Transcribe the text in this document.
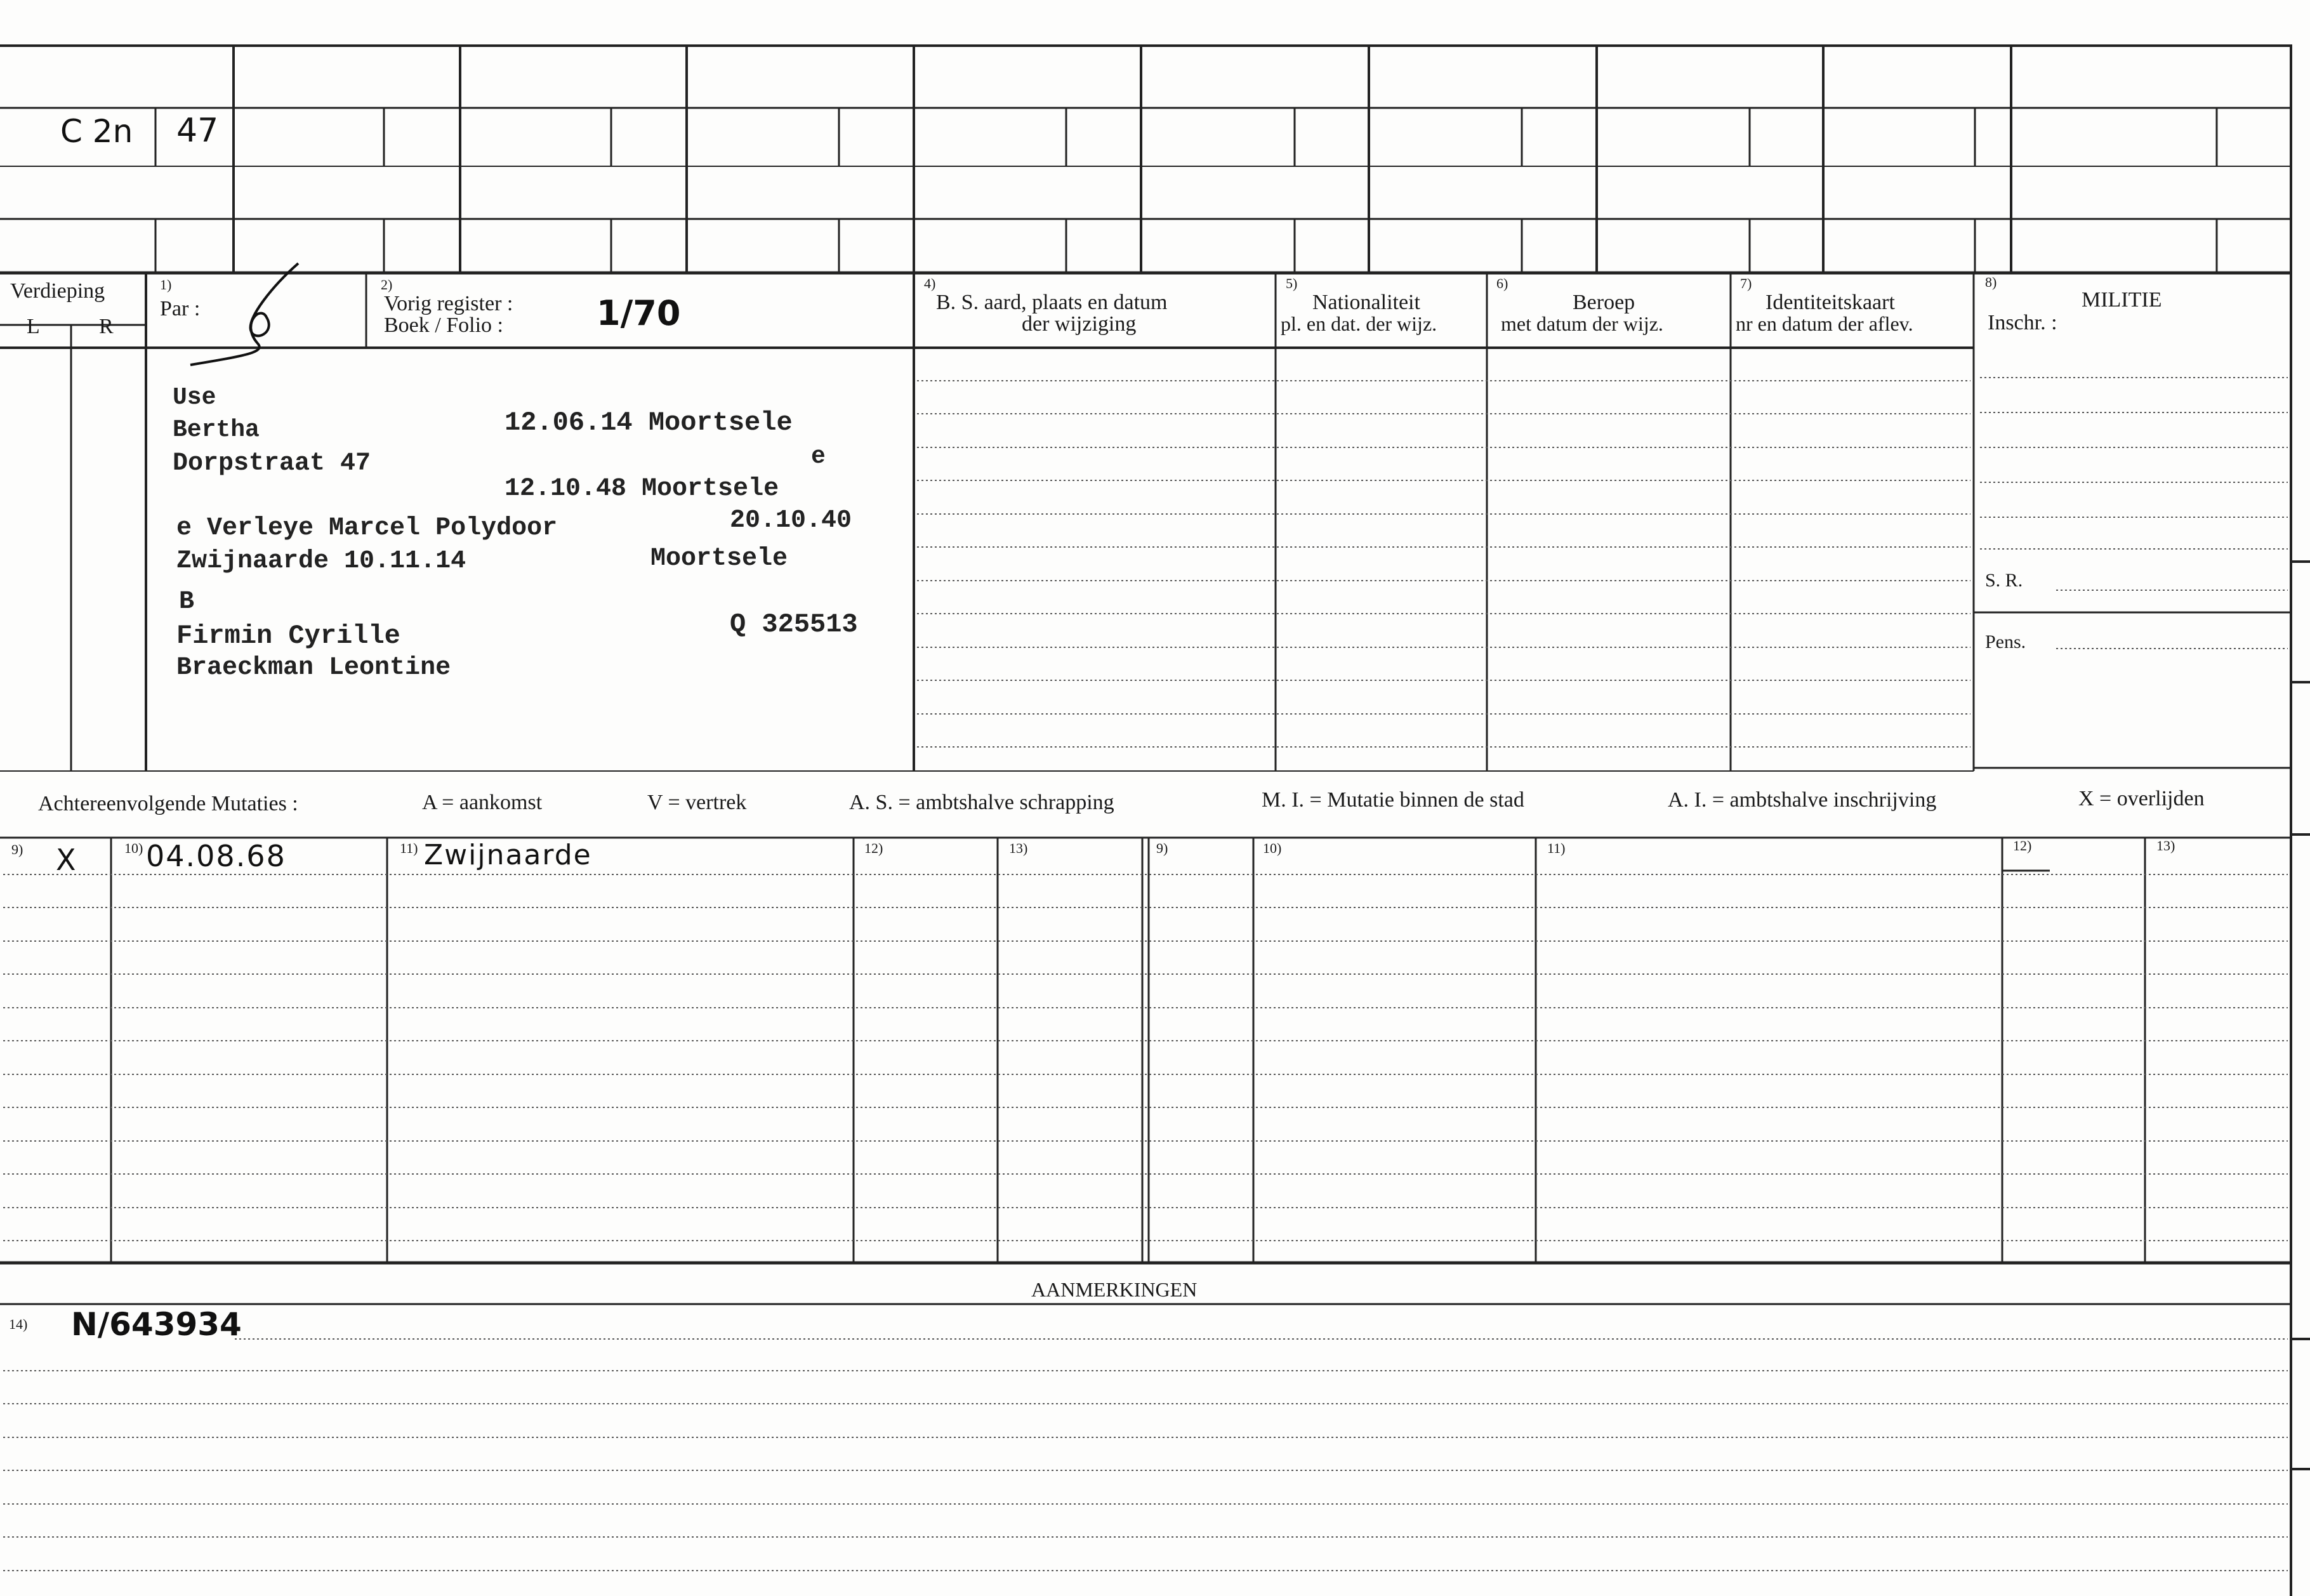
C 2n 47
Verdieping
L	R
1)
Par :
2)
Vorig register :
Boek / Folio :	1/70
4)
B. S. aard, plaats en datum
der wijziging
5)
Nationaliteit
pl. en dat. der wijz.
6)
Beroep
met datum der wijz.
7)
Identiteitskaart
nr en datum der aflev.
8)
MILITIE
Inschr. :
S. R.
Pens.
Use
Bertha	12.06.14 Moortsele
Dorpstraat 47	e
12.10.48 Moortsele
e Verleye Marcel Polydoor	20.10.40
Zwijnaarde 10.11.14	Moortsele
B
Firmin Cyrille	Q 325513
Braeckman Leontine
Achtereenvolgende Mutaties :	A = aankomst	V = vertrek	A. S. = ambtshalve schrapping	M. I. = Mutatie binnen de stad	A. I. = ambtshalve inschrijving	X = overlijden
9)	10)	11)	12)	13)	9)	10)	11)	12)	13)
X 04.08.68	Zwijnaarde
AANMERKINGEN
14) N/643934
